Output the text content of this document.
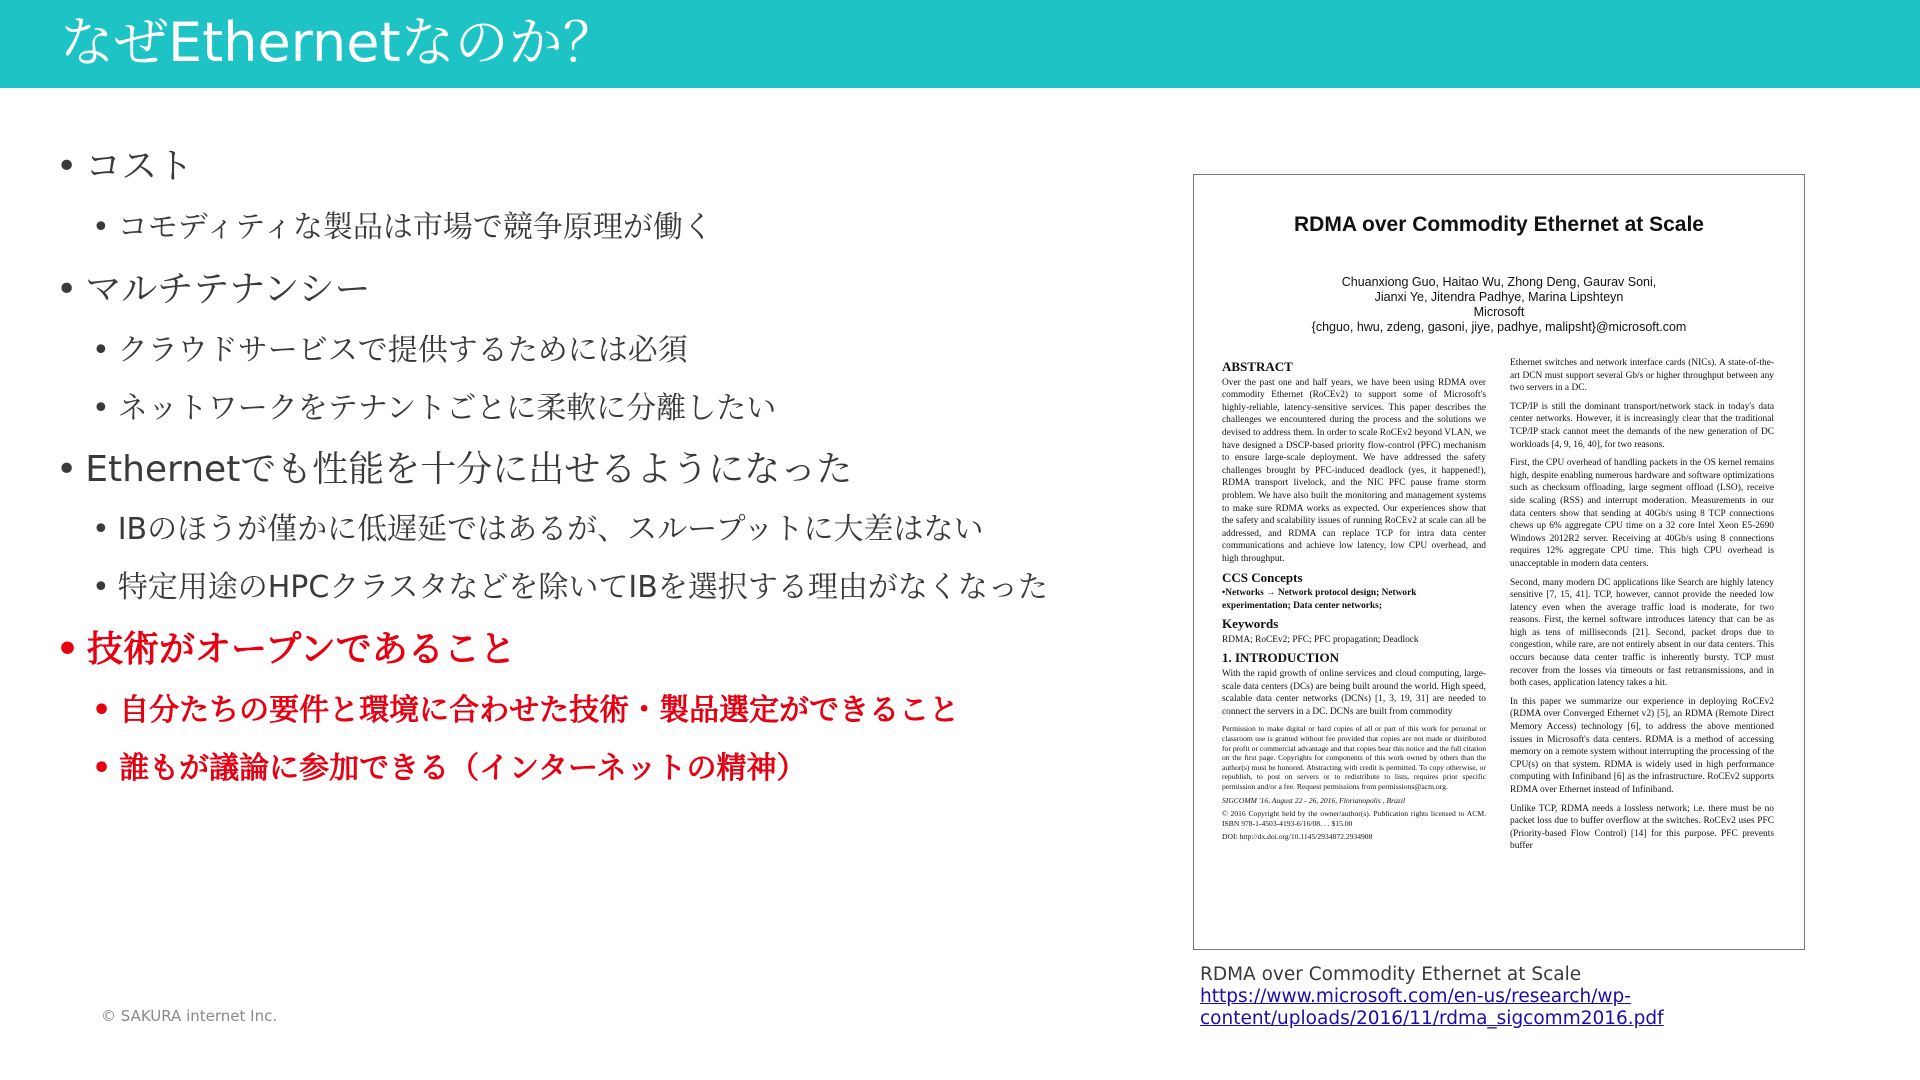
なぜEthernetなのか？

• コスト

• コモディティな製品は市場で競争原理が働く

• マルチテナンシー

• クラウドサービスで提供するためには必須

• ネットワークをテナントごとに柔軟に分離したい

• Ethernetでも性能を十分に出せるようになった

• IBのほうが僅かに低遅延ではあるが、スループットに大差はない

• 特定用途のHPCクラスタなどを除いてIBを選択する理由がなくなった

• 技術がオープンであること

• 自分たちの要件と環境に合わせた技術・製品選定ができること

• 誰もが議論に参加できる（インターネットの精神）

RDMA over Commodity Ethernet at Scale
Chuanxiong Guo, Haitao Wu, Zhong Deng, Gaurav Soni,
Jianxi Ye, Jitendra Padhye, Marina Lipshteyn
Microsoft
{chguo, hwu, zdeng, gasoni, jiye, padhye, malipsht}@microsoft.com
ABSTRACT

Over the past one and half years, we have been using RDMA over commodity Ethernet (RoCEv2) to support some of Microsoft's highly-reliable, latency-sensitive services. This paper describes the challenges we encountered during the process and the solutions we devised to address them. In order to scale RoCEv2 beyond VLAN, we have designed a DSCP-based priority flow-control (PFC) mechanism to ensure large-scale deployment. We have addressed the safety challenges brought by PFC-induced deadlock (yes, it happened!), RDMA transport livelock, and the NIC PFC pause frame storm problem. We have also built the monitoring and management systems to make sure RDMA works as expected. Our experiences show that the safety and scalability issues of running RoCEv2 at scale can all be addressed, and RDMA can replace TCP for intra data center communications and achieve low latency, low CPU overhead, and high throughput.

CCS Concepts

•Networks → Network protocol design; Network experimentation; Data center networks;

Keywords

RDMA; RoCEv2; PFC; PFC propagation; Deadlock

1. INTRODUCTION

With the rapid growth of online services and cloud computing, large-scale data centers (DCs) are being built around the world. High speed, scalable data center networks (DCNs) [1, 3, 19, 31] are needed to connect the servers in a DC. DCNs are built from commodity

Permission to make digital or hard copies of all or part of this work for personal or classroom use is granted without fee provided that copies are not made or distributed for profit or commercial advantage and that copies bear this notice and the full citation on the first page. Copyrights for components of this work owned by others than the author(s) must be honored. Abstracting with credit is permitted. To copy otherwise, or republish, to post on servers or to redistribute to lists, requires prior specific permission and/or a fee. Request permissions from permissions@acm.org.

SIGCOMM '16, August 22 - 26, 2016, Florianopolis , Brazil

© 2016 Copyright held by the owner/author(s). Publication rights licensed to ACM. ISBN 978-1-4503-4193-6/16/08. . . $15.00

DOI: http://dx.doi.org/10.1145/2934872.2934908

Ethernet switches and network interface cards (NICs). A state-of-the-art DCN must support several Gb/s or higher throughput between any two servers in a DC.

TCP/IP is still the dominant transport/network stack in today's data center networks. However, it is increasingly clear that the traditional TCP/IP stack cannot meet the demands of the new generation of DC workloads [4, 9, 16, 40], for two reasons.

First, the CPU overhead of handling packets in the OS kernel remains high, despite enabling numerous hardware and software optimizations such as checksum offloading, large segment offload (LSO), receive side scaling (RSS) and interrupt moderation. Measurements in our data centers show that sending at 40Gb/s using 8 TCP connections chews up 6% aggregate CPU time on a 32 core Intel Xeon E5-2690 Windows 2012R2 server. Receiving at 40Gb/s using 8 connections requires 12% aggregate CPU time. This high CPU overhead is unacceptable in modern data centers.

Second, many modern DC applications like Search are highly latency sensitive [7, 15, 41]. TCP, however, cannot provide the needed low latency even when the average traffic load is moderate, for two reasons. First, the kernel software introduces latency that can be as high as tens of milliseconds [21]. Second, packet drops due to congestion, while rare, are not entirely absent in our data centers. This occurs because data center traffic is inherently bursty. TCP must recover from the losses via timeouts or fast retransmissions, and in both cases, application latency takes a hit.

In this paper we summarize our experience in deploying RoCEv2 (RDMA over Converged Ethernet v2) [5], an RDMA (Remote Direct Memory Access) technology [6], to address the above mentioned issues in Microsoft's data centers. RDMA is a method of accessing memory on a remote system without interrupting the processing of the CPU(s) on that system. RDMA is widely used in high performance computing with Infiniband [6] as the infrastructure. RoCEv2 supports RDMA over Ethernet instead of Infiniband.

Unlike TCP, RDMA needs a lossless network; i.e. there must be no packet loss due to buffer overflow at the switches. RoCEv2 uses PFC (Priority-based Flow Control) [14] for this purpose. PFC prevents buffer

RDMA over Commodity Ethernet at Scale
https://www.microsoft.com/en-us/research/wp-
content/uploads/2016/11/rdma_sigcomm2016.pdf
© SAKURA internet Inc.
